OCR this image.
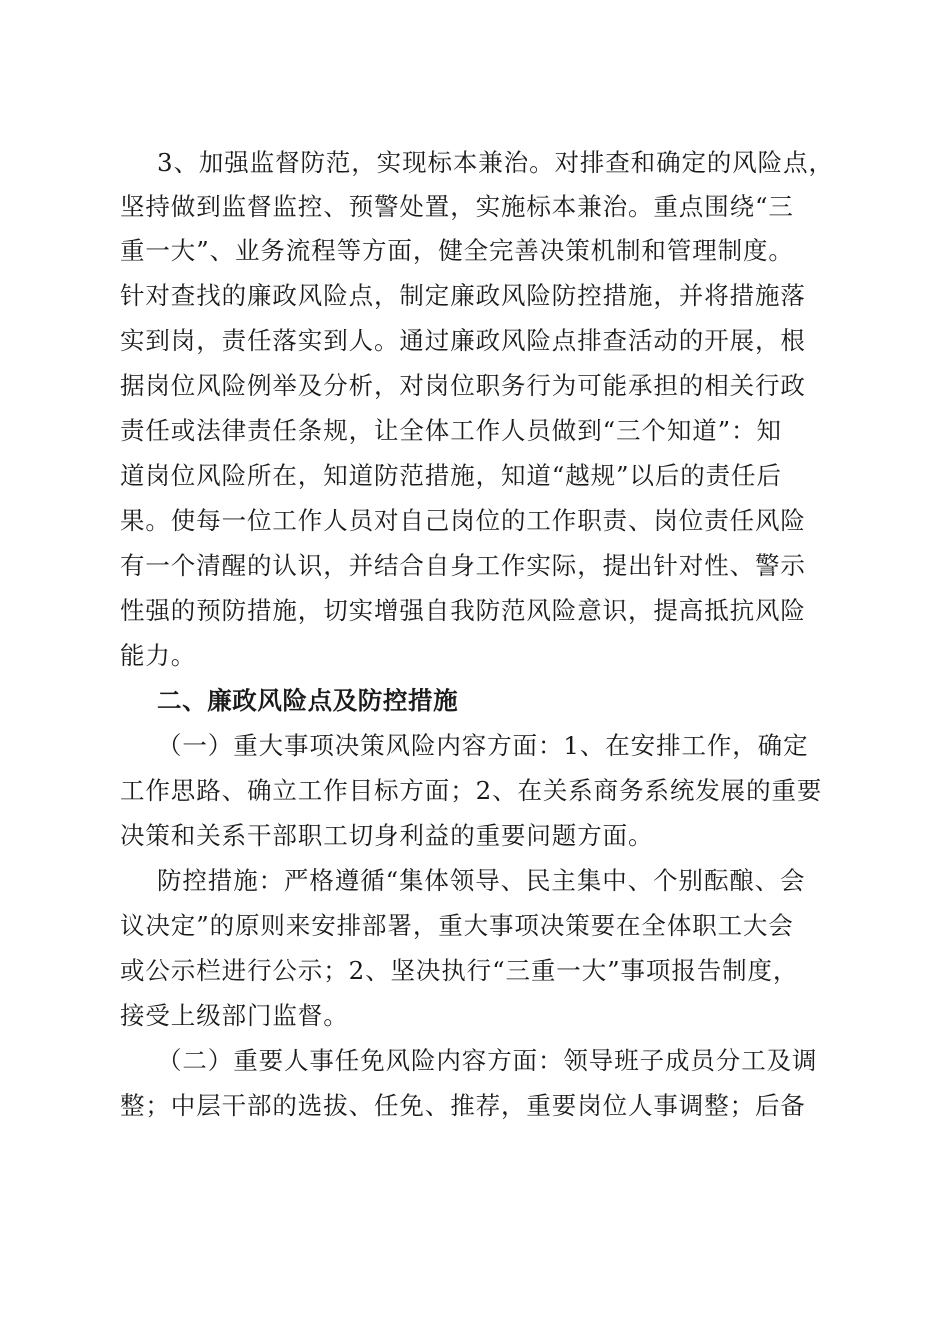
3、加强监督防范，实现标本兼治。对排查和确定的风险点，
坚持做到监督监控、预警处置，实施标本兼治。重点围绕“三
重一大”、业务流程等方面，健全完善决策机制和管理制度。
针对查找的廉政风险点，制定廉政风险防控措施，并将措施落
实到岗，责任落实到人。通过廉政风险点排查活动的开展，根
据岗位风险例举及分析，对岗位职务行为可能承担的相关行政
责任或法律责任条规，让全体工作人员做到“三个知道”：知
道岗位风险所在，知道防范措施，知道“越规”以后的责任后
果。使每一位工作人员对自己岗位的工作职责、岗位责任风险
有一个清醒的认识，并结合自身工作实际，提出针对性、警示
性强的预防措施，切实增强自我防范风险意识，提高抵抗风险
能力。
二、廉政风险点及防控措施
（一）重大事项决策风险内容方面：1、在安排工作，确定
工作思路、确立工作目标方面；2、在关系商务系统发展的重要
决策和关系干部职工切身利益的重要问题方面。
防控措施：严格遵循“集体领导、民主集中、个别酝酿、会
议决定”的原则来安排部署，重大事项决策要在全体职工大会
或公示栏进行公示；2、坚决执行“三重一大”事项报告制度，
接受上级部门监督。
（二）重要人事任免风险内容方面：领导班子成员分工及调
整；中层干部的选拔、任免、推荐，重要岗位人事调整；后备
